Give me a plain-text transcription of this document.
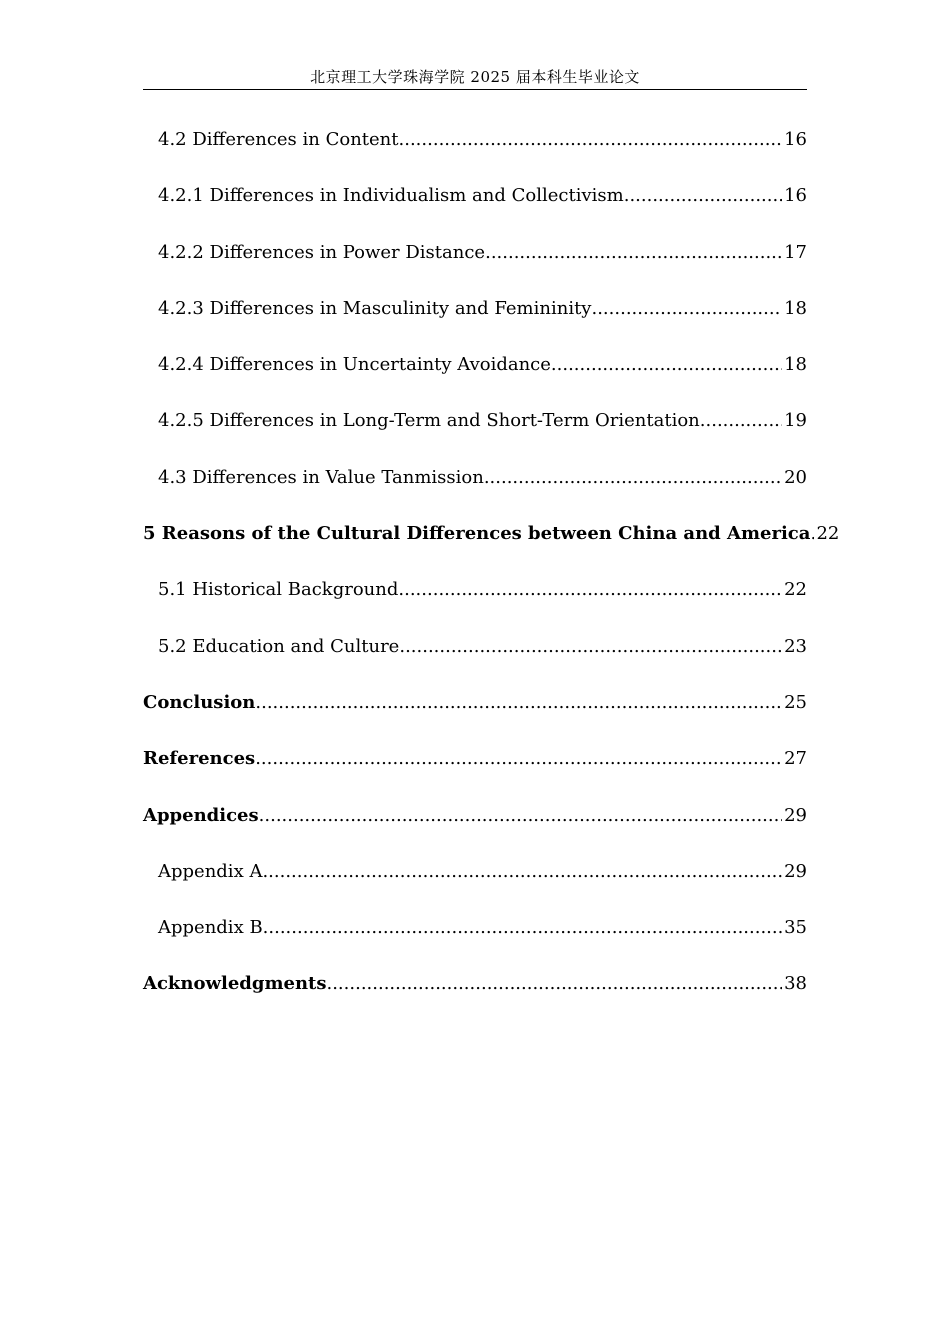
北京理工大学珠海学院 2025 届本科生毕业论文
4.2 Differences in Content .....	16
4.2.1 Differences in Individualism and Collectivism .....	16
4.2.2 Differences in Power Distance .....	17
4.2.3 Differences in Masculinity and Femininity .....	18
4.2.4 Differences in Uncertainty Avoidance .....	18
4.2.5 Differences in Long-Term and Short-Term Orientation .....	19
4.3 Differences in Value Tanmission .....	20
5 Reasons of the Cultural Differences between China and America ..... 22
5.1 Historical Background .....	22
5.2 Education and Culture .....	23
Conclusion .....	25
References .....	27
Appendices .....	29
Appendix A .....	29
Appendix B .....	35
Acknowledgments .....	38
